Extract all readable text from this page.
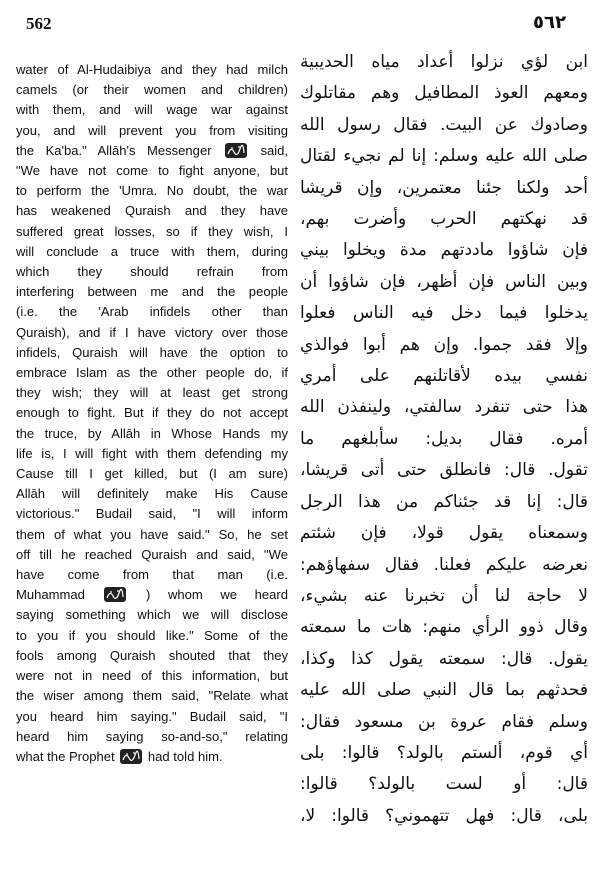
562	٥٦٢
water of Al-Hudaibiya and they had milch
camels (or their women and children)
with them, and will wage war against
you, and will prevent you from visiting
the Ka'ba." Allāh's Messenger
said,
"We have not come to fight anyone, but
to perform the 'Umra. No doubt, the war
has weakened Quraish and they have
suffered great losses, so if they wish, I
will conclude a truce with them, during
which they should refrain from
interfering between me and the people
(i.e. the 'Arab infidels other than
Quraish), and if I have victory over those
infidels, Quraish will have the option to
embrace Islam as the other people do, if
they wish; they will at least get strong
enough to fight. But if they do not accept
the truce, by Allāh in Whose Hands my
life is, I will fight with them defending my
Cause till I get killed, but (I am sure)
Allāh will definitely make His Cause
victorious." Budail said, "I will inform
them of what you have said." So, he set
off till he reached Quraish and said, "We
have come from that man (i.e.
Muhammad
) whom we heard
saying something which we will disclose
to you if you should like." Some of the
fools among Quraish shouted that they
were not in need of this information, but
the wiser among them said, "Relate what
you heard him saying." Budail said, "I
heard him saying so-and-so," relating
what the Prophet
had told him.
ابن لؤي نزلوا أعداد مياه الحديبية
ومعهم العوذ المطافيل وهم مقاتلوك
وصادوك عن البيت. فقال رسول الله
صلى الله عليه وسلم: إنا لم نجيء لقتال
أحد ولكنا جئنا معتمرين، وإن قريشا
قد نهكتهم الحرب وأضرت بهم،
فإن شاؤوا ماددتهم مدة ويخلوا بيني
وبين الناس فإن أظهر، فإن شاؤوا أن
يدخلوا فيما دخل فيه الناس فعلوا
وإلا فقد جموا. وإن هم أبوا فوالذي
نفسي بيده لأقاتلنهم على أمري
هذا حتى تنفرد سالفتي، ولينفذن الله
أمره. فقال بديل: سأبلغهم ما
تقول. قال: فانطلق حتى أتى قريشا،
قال: إنا قد جئناكم من هذا الرجل
وسمعناه يقول قولا، فإن شئتم
نعرضه عليكم فعلنا. فقال سفهاؤهم:
لا حاجة لنا أن تخبرنا عنه بشيء،
وقال ذوو الرأي منهم: هات ما سمعته
يقول. قال: سمعته يقول كذا وكذا،
فحدثهم بما قال النبي صلى الله عليه
وسلم فقام عروة بن مسعود فقال:
أي قوم، ألستم بالولد؟ قالوا: بلى
قال: أو لست بالولد؟ قالوا:
بلى، قال: فهل تتهموني؟ قالوا: لا،
